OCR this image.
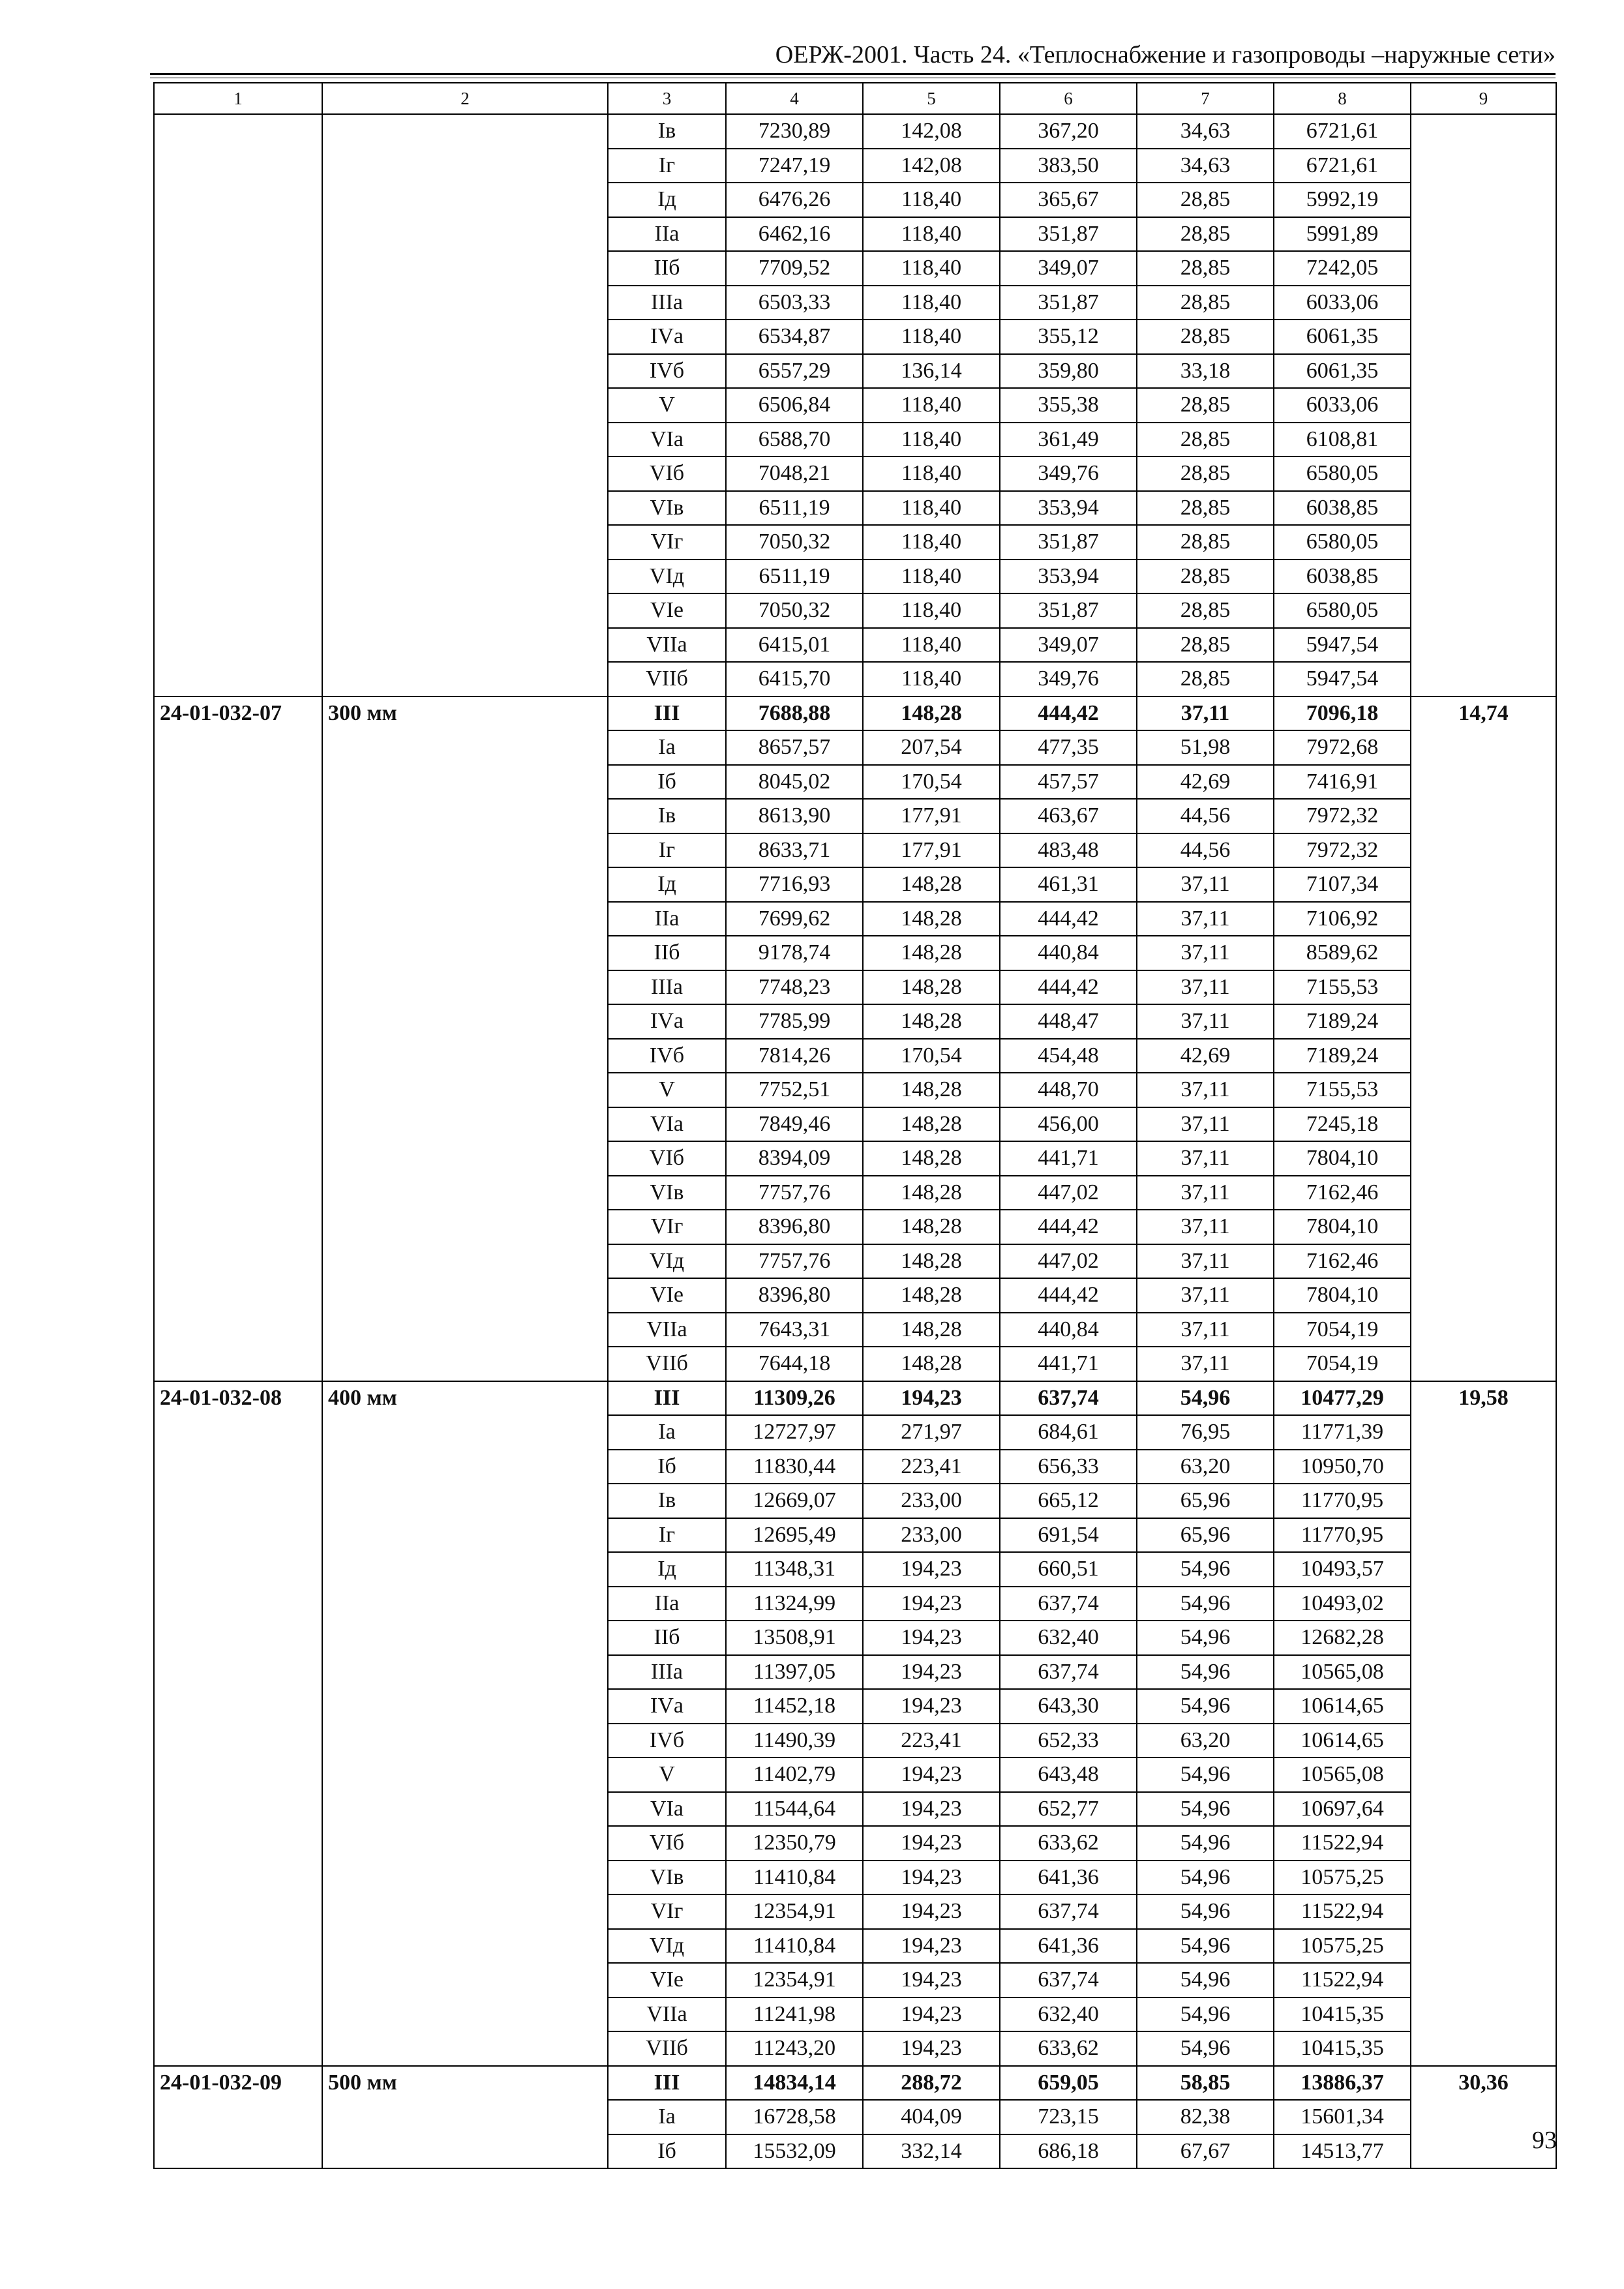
ОЕРЖ-2001. Часть 24. «Теплоснабжение и газопроводы –наружные сети»
1	2	3	4	5	6	7	8	9
		Iв	7230,89	142,08	367,20	34,63	6721,61	
		Iг	7247,19	142,08	383,50	34,63	6721,61	
		Iд	6476,26	118,40	365,67	28,85	5992,19	
		IIа	6462,16	118,40	351,87	28,85	5991,89	
		IIб	7709,52	118,40	349,07	28,85	7242,05	
		IIIа	6503,33	118,40	351,87	28,85	6033,06	
		IVа	6534,87	118,40	355,12	28,85	6061,35	
		IVб	6557,29	136,14	359,80	33,18	6061,35	
		V	6506,84	118,40	355,38	28,85	6033,06	
		VIа	6588,70	118,40	361,49	28,85	6108,81	
		VIб	7048,21	118,40	349,76	28,85	6580,05	
		VIв	6511,19	118,40	353,94	28,85	6038,85	
		VIг	7050,32	118,40	351,87	28,85	6580,05	
		VIд	6511,19	118,40	353,94	28,85	6038,85	
		VIе	7050,32	118,40	351,87	28,85	6580,05	
		VIIа	6415,01	118,40	349,07	28,85	5947,54	
		VIIб	6415,70	118,40	349,76	28,85	5947,54	
24-01-032-07	300 мм	III	7688,88	148,28	444,42	37,11	7096,18	14,74
		Iа	8657,57	207,54	477,35	51,98	7972,68	
		Iб	8045,02	170,54	457,57	42,69	7416,91	
		Iв	8613,90	177,91	463,67	44,56	7972,32	
		Iг	8633,71	177,91	483,48	44,56	7972,32	
		Iд	7716,93	148,28	461,31	37,11	7107,34	
		IIа	7699,62	148,28	444,42	37,11	7106,92	
		IIб	9178,74	148,28	440,84	37,11	8589,62	
		IIIа	7748,23	148,28	444,42	37,11	7155,53	
		IVа	7785,99	148,28	448,47	37,11	7189,24	
		IVб	7814,26	170,54	454,48	42,69	7189,24	
		V	7752,51	148,28	448,70	37,11	7155,53	
		VIа	7849,46	148,28	456,00	37,11	7245,18	
		VIб	8394,09	148,28	441,71	37,11	7804,10	
		VIв	7757,76	148,28	447,02	37,11	7162,46	
		VIг	8396,80	148,28	444,42	37,11	7804,10	
		VIд	7757,76	148,28	447,02	37,11	7162,46	
		VIе	8396,80	148,28	444,42	37,11	7804,10	
		VIIа	7643,31	148,28	440,84	37,11	7054,19	
		VIIб	7644,18	148,28	441,71	37,11	7054,19	
24-01-032-08	400 мм	III	11309,26	194,23	637,74	54,96	10477,29	19,58
		Iа	12727,97	271,97	684,61	76,95	11771,39	
		Iб	11830,44	223,41	656,33	63,20	10950,70	
		Iв	12669,07	233,00	665,12	65,96	11770,95	
		Iг	12695,49	233,00	691,54	65,96	11770,95	
		Iд	11348,31	194,23	660,51	54,96	10493,57	
		IIа	11324,99	194,23	637,74	54,96	10493,02	
		IIб	13508,91	194,23	632,40	54,96	12682,28	
		IIIа	11397,05	194,23	637,74	54,96	10565,08	
		IVа	11452,18	194,23	643,30	54,96	10614,65	
		IVб	11490,39	223,41	652,33	63,20	10614,65	
		V	11402,79	194,23	643,48	54,96	10565,08	
		VIа	11544,64	194,23	652,77	54,96	10697,64	
		VIб	12350,79	194,23	633,62	54,96	11522,94	
		VIв	11410,84	194,23	641,36	54,96	10575,25	
		VIг	12354,91	194,23	637,74	54,96	11522,94	
		VIд	11410,84	194,23	641,36	54,96	10575,25	
		VIе	12354,91	194,23	637,74	54,96	11522,94	
		VIIа	11241,98	194,23	632,40	54,96	10415,35	
		VIIб	11243,20	194,23	633,62	54,96	10415,35	
24-01-032-09	500 мм	III	14834,14	288,72	659,05	58,85	13886,37	30,36
		Iа	16728,58	404,09	723,15	82,38	15601,34	
		Iб	15532,09	332,14	686,18	67,67	14513,77		93
